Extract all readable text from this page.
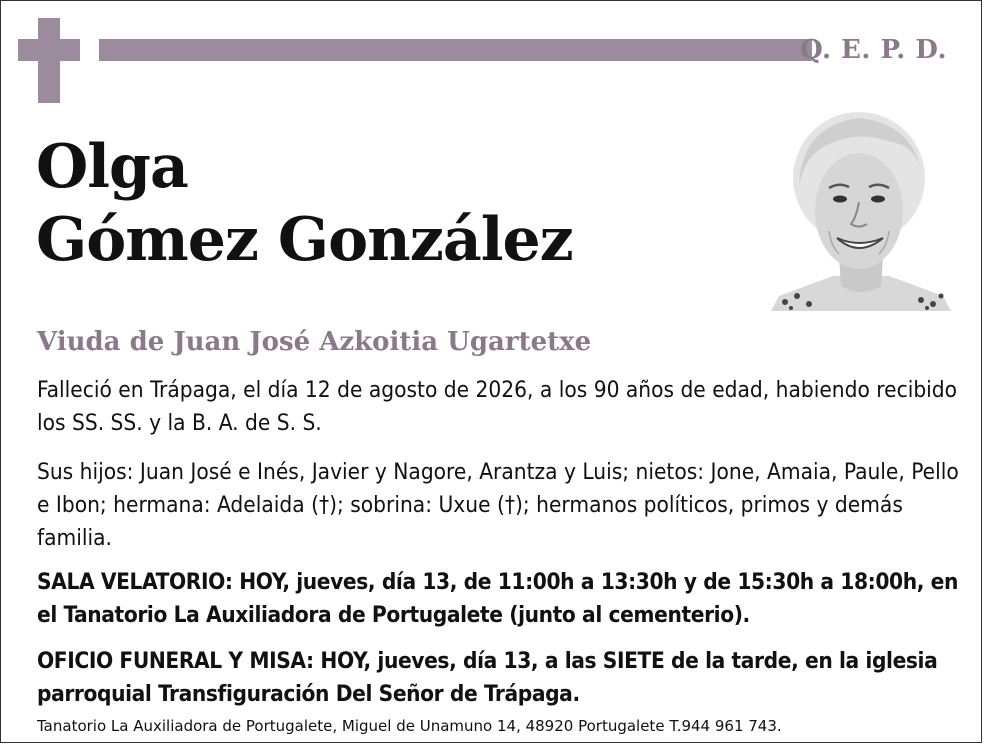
Q. E. P. D.
Olga
Gómez González
Viuda de Juan José Azkoitia Ugartetxe
Falleció en Trápaga, el día 12 de agosto de 2026, a los 90 años de edad, habiendo recibido los SS. SS. y la B. A. de S. S.
Sus hijos: Juan José e Inés, Javier y Nagore, Arantza y Luis; nietos: Jone, Amaia, Paule, Pello e Ibon; hermana: Adelaida (†); sobrina: Uxue (†); hermanos políticos, primos y demás familia.
SALA VELATORIO: HOY, jueves, día 13, de 11:00h a 13:30h y de 15:30h a 18:00h, en el Tanatorio La Auxiliadora de Portugalete (junto al cementerio).
OFICIO FUNERAL Y MISA: HOY, jueves, día 13, a las SIETE de la tarde, en la iglesia parroquial Transfiguración Del Señor de Trápaga.
Tanatorio La Auxiliadora de Portugalete, Miguel de Unamuno 14, 48920 Portugalete T.944 961 743.
